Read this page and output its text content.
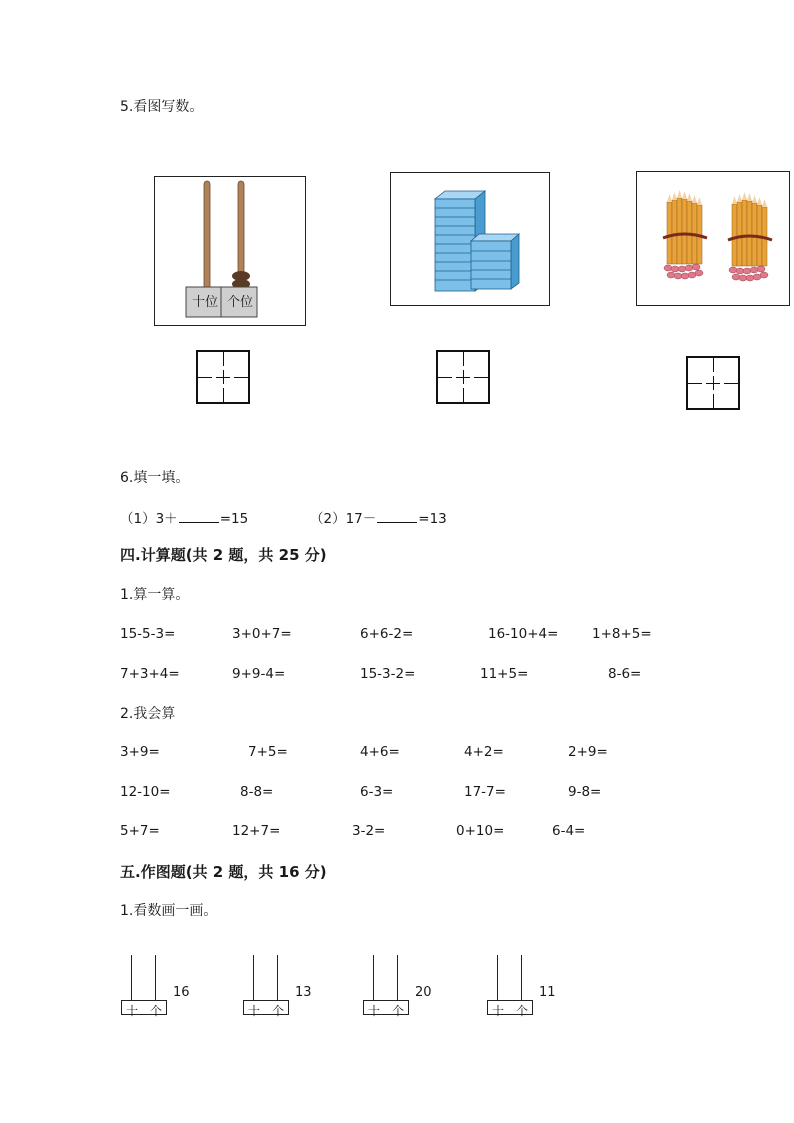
5.看图写数。
十位 个位
6.填一填。
（1）3＋	=15	（2）17－	=13
四.计算题(共 2 题，共 25 分)
1.算一算。
15-5-3=	3+0+7=	6+6-2=	16-10+4= 1+8+5=
7+3+4=	9+9-4=	15-3-2=	11+5=	8-6=
2.我会算
3+9=	7+5=	4+6=	4+2=	2+9=
12-10=	8-8=	6-3=	17-7=	9-8=
5+7=	12+7=	3-2=	0+10=	6-4=
五.作图题(共 2 题，共 16 分)
1.看数画一画。
十 个
16
十 个
13
十 个
20
十 个
11
